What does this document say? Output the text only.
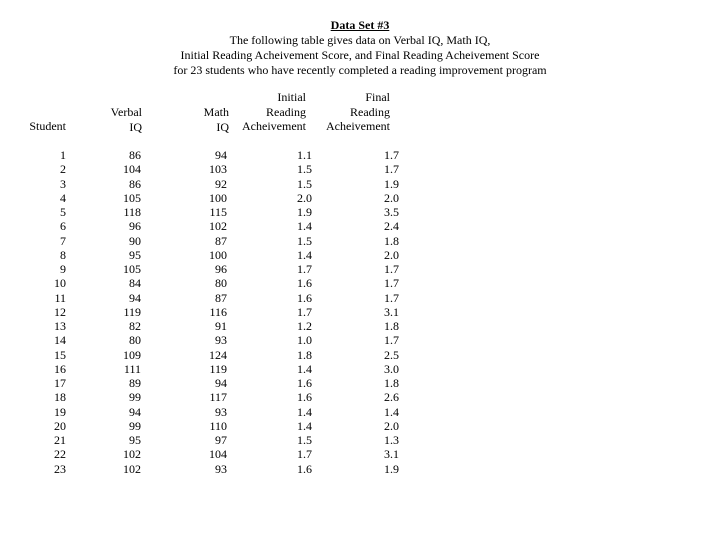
Data Set #3
The following table gives data on Verbal IQ, Math IQ,
Initial Reading Acheivement Score, and Final Reading Acheivement Score
for 23 students who have recently completed a reading improvement program
Student
Verbal
IQ
Math
IQ
Initial
Reading
Acheivement
Final
Reading
Acheivement
1
2
3
4
5
6
7
8
9
10
11
12
13
14
15
16
17
18
19
20
21
22
23
86
104
86
105
118
96
90
95
105
84
94
119
82
80
109
111
89
99
94
99
95
102
102
94
103
92
100
115
102
87
100
96
80
87
116
91
93
124
119
94
117
93
110
97
104
93
1.1
1.5
1.5
2.0
1.9
1.4
1.5
1.4
1.7
1.6
1.6
1.7
1.2
1.0
1.8
1.4
1.6
1.6
1.4
1.4
1.5
1.7
1.6
1.7
1.7
1.9
2.0
3.5
2.4
1.8
2.0
1.7
1.7
1.7
3.1
1.8
1.7
2.5
3.0
1.8
2.6
1.4
2.0
1.3
3.1
1.9
